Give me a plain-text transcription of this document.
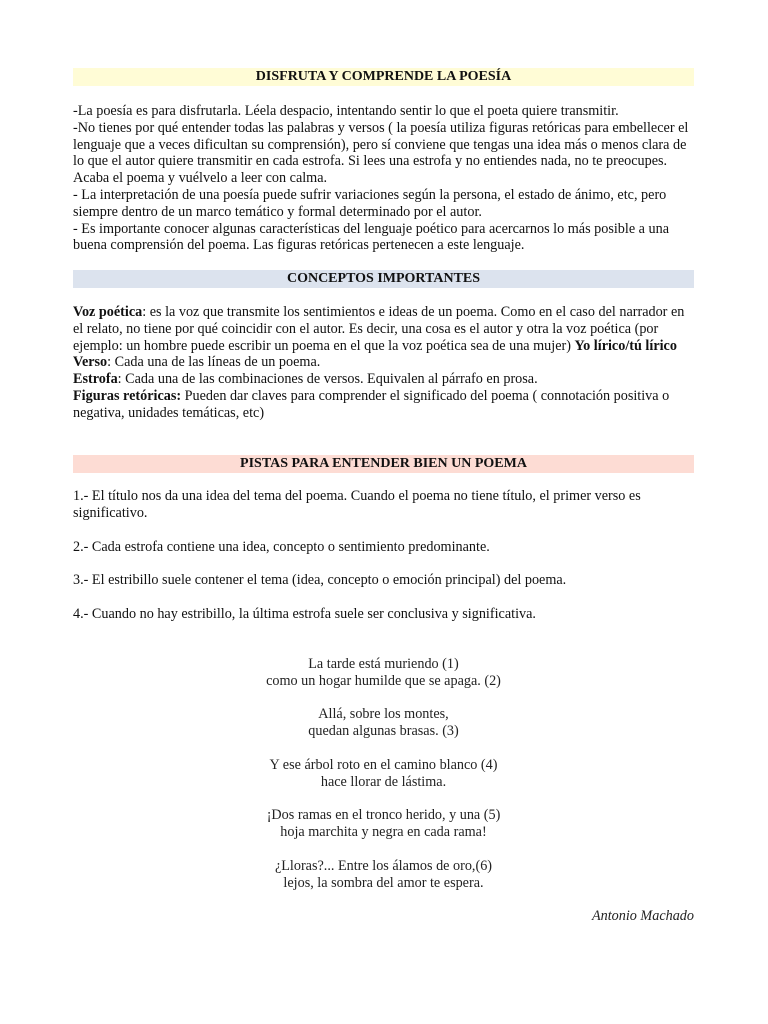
DISFRUTA Y COMPRENDE LA POESÍA

-La poesía es para disfrutarla. Léela despacio, intentando sentir lo que el poeta quiere transmitir.

-No tienes por qué entender todas las palabras y versos ( la poesía utiliza figuras retóricas para embellecer el lenguaje que a veces dificultan su comprensión), pero sí conviene que tengas una idea más o menos clara de lo que el autor quiere transmitir en cada estrofa. Si lees una estrofa y no entiendes nada, no te preocupes. Acaba el poema y vuélvelo a leer con calma.

- La interpretación de una poesía puede sufrir variaciones según la persona, el estado de ánimo, etc, pero siempre dentro de un marco temático y formal determinado por el autor.

- Es importante conocer algunas características del lenguaje poético para acercarnos lo más posible a una buena comprensión del poema. Las figuras retóricas pertenecen a este lenguaje.

CONCEPTOS IMPORTANTES

Voz poética: es la voz que transmite los sentimientos e ideas de un poema. Como en el caso del narrador en el relato, no tiene por qué coincidir con el autor. Es decir, una cosa es el autor y otra la voz poética (por ejemplo: un hombre puede escribir un poema en el que la voz poética sea de una mujer) Yo lírico/tú lírico

Verso: Cada una de las líneas de un poema.

Estrofa: Cada una de las combinaciones de versos. Equivalen al párrafo en prosa.

Figuras retóricas: Pueden dar claves para comprender el significado del poema ( connotación positiva o negativa, unidades temáticas, etc)

PISTAS PARA ENTENDER BIEN UN POEMA

1.- El título nos da una idea del tema del poema. Cuando el poema no tiene título, el primer verso es significativo.

2.- Cada estrofa contiene una idea, concepto o sentimiento predominante.

3.- El estribillo suele contener el tema (idea, concepto o emoción principal) del poema.

4.- Cuando no hay estribillo, la última estrofa suele ser conclusiva y significativa.

La tarde está muriendo (1)

como un hogar humilde que se apaga. (2)

Allá, sobre los montes,

quedan algunas brasas. (3)

Y ese árbol roto en el camino blanco (4)

hace llorar de lástima.

¡Dos ramas en el tronco herido, y una (5)

hoja marchita y negra en cada rama!

¿Lloras?... Entre los álamos de oro,(6)

lejos, la sombra del amor te espera.

Antonio Machado
